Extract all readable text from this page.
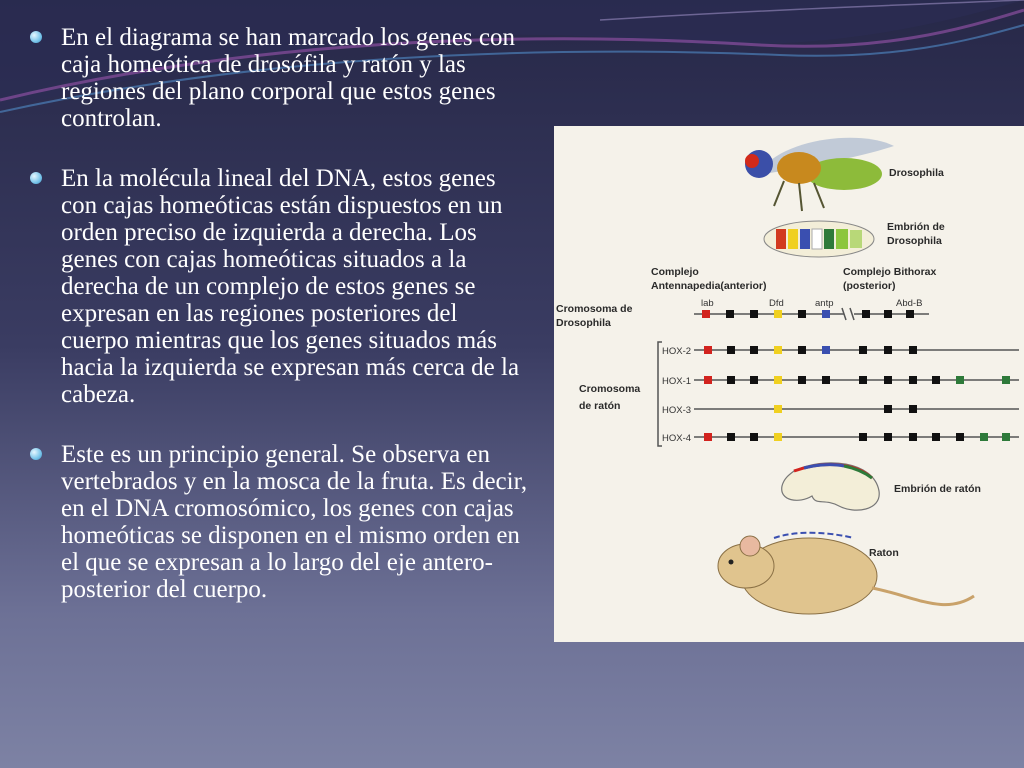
En el diagrama se han marcado los genes con caja homeótica de drosófila y ratón y las regiones del plano corporal que estos genes controlan.
En la molécula lineal del DNA, estos genes con cajas homeóticas están dispuestos en un orden preciso de izquierda a derecha. Los genes con cajas homeóticas situados a la derecha de un complejo de estos genes se expresan en las regiones posteriores del cuerpo mientras que los genes situados más hacia la izquierda se expresan más cerca de la cabeza.
Este es un principio general. Se observa en vertebrados y en la mosca de la fruta. Es decir, en el DNA cromosómico, los genes con cajas homeóticas se disponen en el mismo orden en el que se expresan a lo largo del eje antero-posterior del cuerpo.
Drosophila
Embrión de
Drosophila
Complejo
Antennapedia(anterior)
Complejo Bithorax
(posterior)
lab	Dfd	antp	Abd-B
Cromosoma de
Drosophila
Cromosoma
de ratón
HOX-2
HOX-1
HOX-3
HOX-4
Embrión de ratón
Raton
